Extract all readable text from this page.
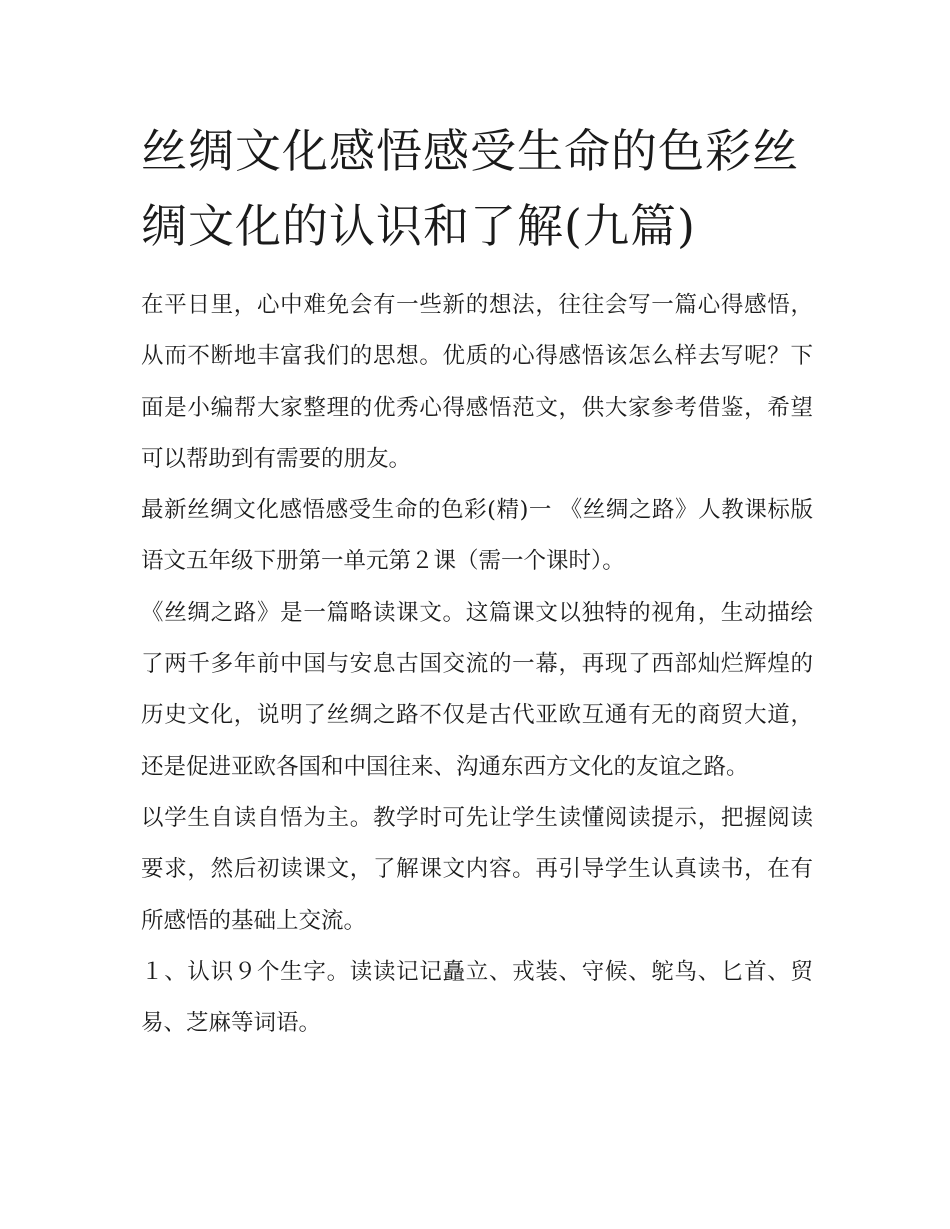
丝绸文化感悟感受生命的色彩丝绸文化的认识和了解(九篇)

在平日里，心中难免会有一些新的想法，往往会写一篇心得感悟，从而不断地丰富我们的思想。优质的心得感悟该怎么样去写呢？下面是小编帮大家整理的优秀心得感悟范文，供大家参考借鉴，希望可以帮助到有需要的朋友。

最新丝绸文化感悟感受生命的色彩(精)一 《丝绸之路》人教课标版语文五年级下册第一单元第２课（需一个课时）。

《丝绸之路》是一篇略读课文。这篇课文以独特的视角，生动描绘了两千多年前中国与安息古国交流的一幕，再现了西部灿烂辉煌的历史文化，说明了丝绸之路不仅是古代亚欧互通有无的商贸大道，还是促进亚欧各国和中国往来、沟通东西方文化的友谊之路。

以学生自读自悟为主。教学时可先让学生读懂阅读提示，把握阅读要求，然后初读课文，了解课文内容。再引导学生认真读书，在有所感悟的基础上交流。

１、认识９个生字。读读记记矗立、戎装、守候、鸵鸟、匕首、贸易、芝麻等词语。
